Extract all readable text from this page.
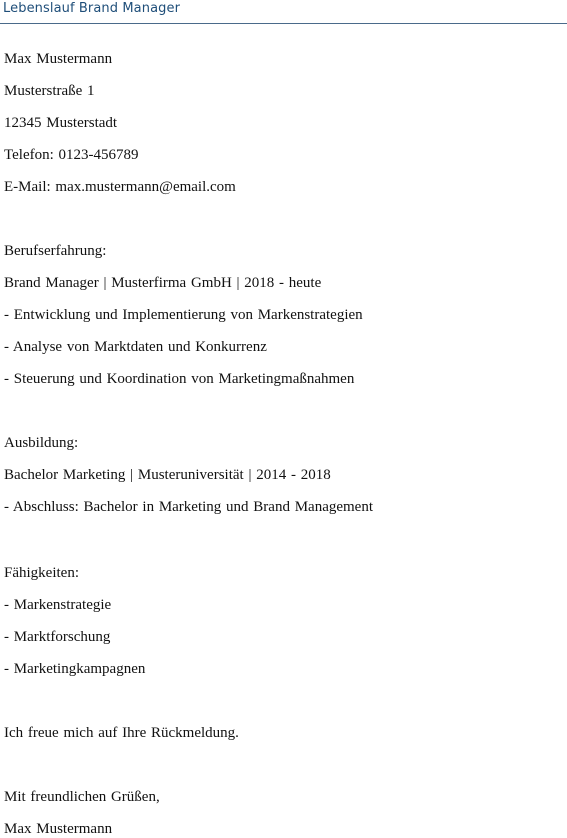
Lebenslauf Brand Manager
Max Mustermann
Musterstraße 1
12345 Musterstadt
Telefon: 0123-456789
E-Mail: max.mustermann@email.com
Berufserfahrung:
Brand Manager | Musterfirma GmbH | 2018 - heute
- Entwicklung und Implementierung von Markenstrategien
- Analyse von Marktdaten und Konkurrenz
- Steuerung und Koordination von Marketingmaßnahmen
Ausbildung:
Bachelor Marketing | Musteruniversität | 2014 - 2018
- Abschluss: Bachelor in Marketing und Brand Management
Fähigkeiten:
- Markenstrategie
- Marktforschung
- Marketingkampagnen
Ich freue mich auf Ihre Rückmeldung.
Mit freundlichen Grüßen,
Max Mustermann
